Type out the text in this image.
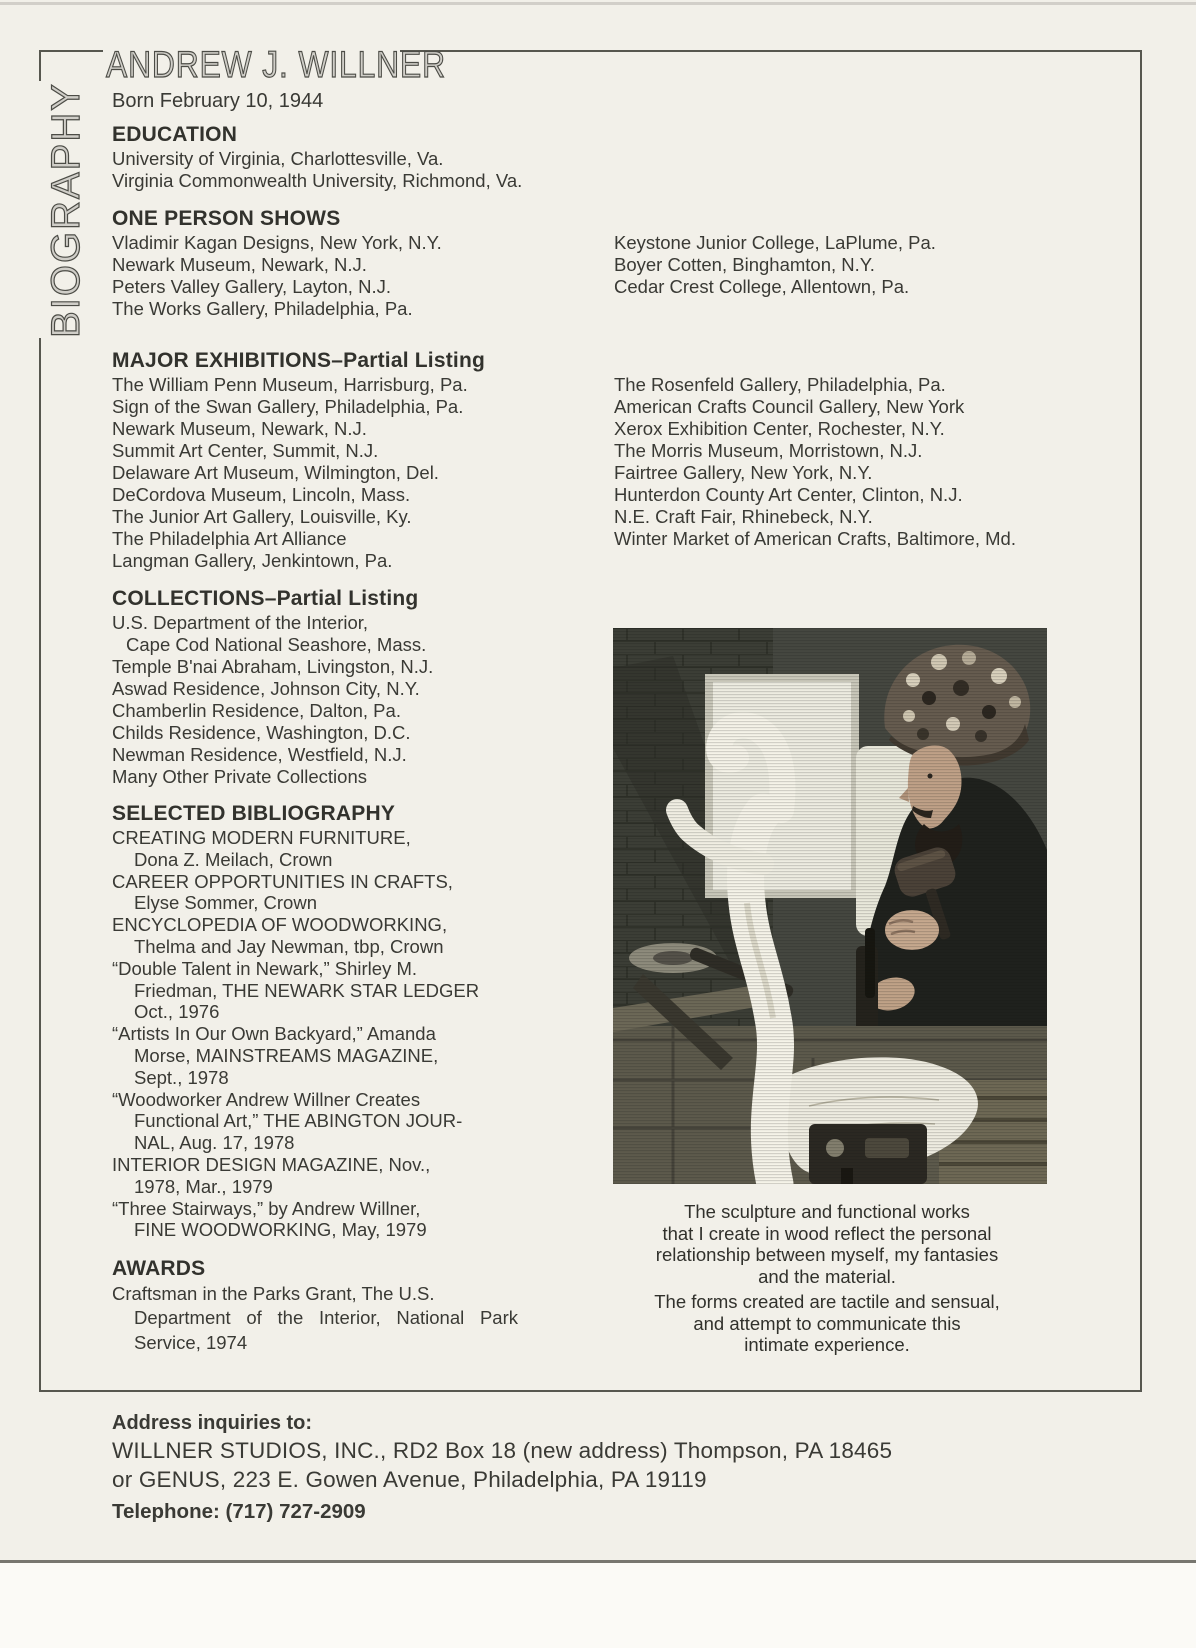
BIOGRAPHY
ANDREW J. WILLNER
Born February 10, 1944
EDUCATION
University of Virginia, Charlottesville, Va.
Virginia Commonwealth University, Richmond, Va.
ONE PERSON SHOWS
Vladimir Kagan Designs, New York, N.Y.
Newark Museum, Newark, N.J.
Peters Valley Gallery, Layton, N.J.
The Works Gallery, Philadelphia, Pa.
Keystone Junior College, LaPlume, Pa.
Boyer Cotten, Binghamton, N.Y.
Cedar Crest College, Allentown, Pa.
MAJOR EXHIBITIONS–Partial Listing
The William Penn Museum, Harrisburg, Pa.
Sign of the Swan Gallery, Philadelphia, Pa.
Newark Museum, Newark, N.J.
Summit Art Center, Summit, N.J.
Delaware Art Museum, Wilmington, Del.
DeCordova Museum, Lincoln, Mass.
The Junior Art Gallery, Louisville, Ky.
The Philadelphia Art Alliance
Langman Gallery, Jenkintown, Pa.
The Rosenfeld Gallery, Philadelphia, Pa.
American Crafts Council Gallery, New York
Xerox Exhibition Center, Rochester, N.Y.
The Morris Museum, Morristown, N.J.
Fairtree Gallery, New York, N.Y.
Hunterdon County Art Center, Clinton, N.J.
N.E. Craft Fair, Rhinebeck, N.Y.
Winter Market of American Crafts, Baltimore, Md.
COLLECTIONS–Partial Listing
U.S. Department of the Interior,
Cape Cod National Seashore, Mass.
Temple B'nai Abraham, Livingston, N.J.
Aswad Residence, Johnson City, N.Y.
Chamberlin Residence, Dalton, Pa.
Childs Residence, Washington, D.C.
Newman Residence, Westfield, N.J.
Many Other Private Collections
SELECTED BIBLIOGRAPHY
CREATING MODERN FURNITURE,
Dona Z. Meilach, Crown
CAREER OPPORTUNITIES IN CRAFTS,
Elyse Sommer, Crown
ENCYCLOPEDIA OF WOODWORKING,
Thelma and Jay Newman, tbp, Crown
“Double Talent in Newark,” Shirley M.
Friedman, THE NEWARK STAR LEDGER
Oct., 1976
“Artists In Our Own Backyard,” Amanda
Morse, MAINSTREAMS MAGAZINE,
Sept., 1978
“Woodworker Andrew Willner Creates
Functional Art,” THE ABINGTON JOUR-
NAL, Aug. 17, 1978
INTERIOR DESIGN MAGAZINE, Nov.,
1978, Mar., 1979
“Three Stairways,” by Andrew Willner,
FINE WOODWORKING, May, 1979
AWARDS
Craftsman in the Parks Grant, The U.S.
Department of the Interior, National Park
Service, 1974
The sculpture and functional works
that I create in wood reflect the personal
relationship between myself, my fantasies
and the material.
The forms created are tactile and sensual,
and attempt to communicate this
intimate experience.
Address inquiries to:
WILLNER STUDIOS, INC., RD2 Box 18 (new address) Thompson, PA 18465
or GENUS, 223 E. Gowen Avenue, Philadelphia, PA 19119
Telephone: (717) 727-2909
